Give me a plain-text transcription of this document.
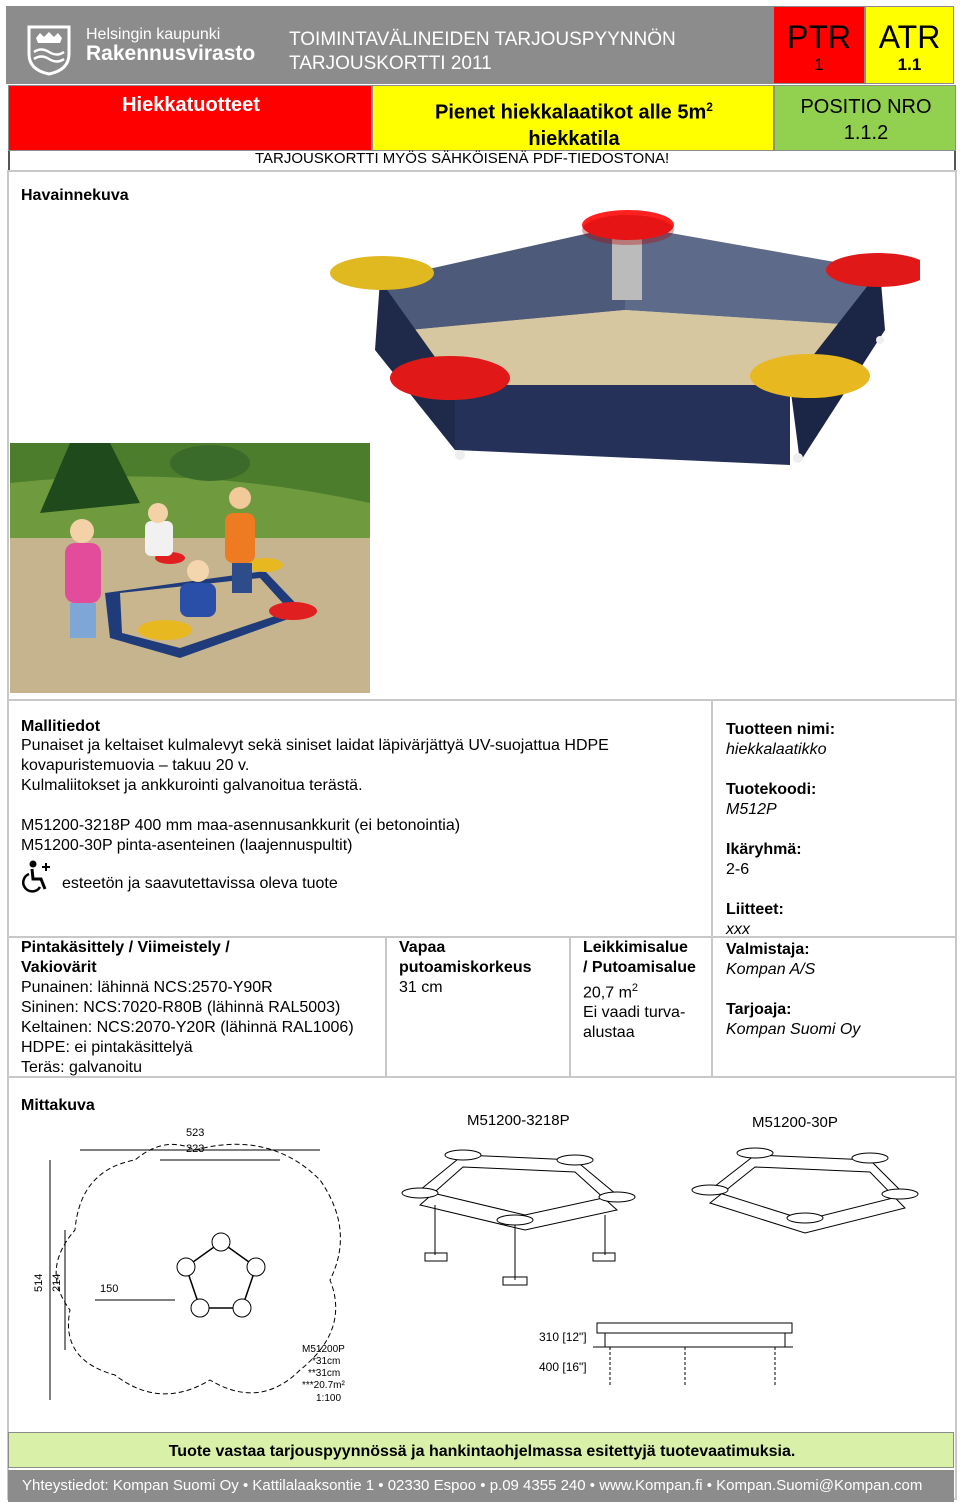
Helsingin kaupunki
Rakennusvirasto
TOIMINTAVÄLINEIDEN TARJOUSPYYNNÖN
TARJOUSKORTTI 2011
PTR
1
ATR
1.1
Hiekkatuotteet	Pienet hiekkalaatikot alle $5m^2$
hiekkatila
POSITIO NRO
1.1.2
TARJOUSKORTTI MYÖS SÄHKÖISENÄ PDF-TIEDOSTONA!
Havainnekuva
Mallitiedot
Punaiset ja keltaiset kulmalevyt sekä siniset laidat läpivärjättyä UV-suojattua HDPE
kovapuristemuovia – takuu 20 v.
Kulmaliitokset ja ankkurointi galvanoitua terästä.
M51200-3218P 400 mm maa-asennusankkurit (ei betonointia)
M51200-30P pinta-asenteinen (laajennuspultit)
esteetön ja saavutettavissa oleva tuote
Tuotteen nimi:
hiekkalaatikko
Tuotekoodi:
M512P
Ikäryhmä:
2-6
Liitteet:
xxx
Valmistaja:
Kompan A/S
Tarjoaja:
Kompan Suomi Oy
Pintakäsittely / Viimeistely /
Vakiovärit
Punainen: lähinnä NCS:2570-Y90R
Sininen: NCS:7020-R80B (lähinnä RAL5003)
Keltainen: NCS:2070-Y20R (lähinnä RAL1006)
HDPE: ei pintakäsittelyä
Teräs: galvanoitu
Vapaa
putoamiskorkeus
31 cm
Leikkimisalue
/ Putoamisalue
20,7 $m^2$
Ei vaadi turva-
alustaa
Mittakuva
523
223
514 214	150
M51200P
*31cm
**31cm
***20.7m²
1:100
M51200-3218P	M51200-30P
310 [12"]
400 [16"]
Tuote vastaa tarjouspyynnössä ja hankintaohjelmassa esitettyjä tuotevaatimuksia.
Yhteystiedot: Kompan Suomi Oy • Kattilalaaksontie 1 • 02330 Espoo • p.09 4355 240 • www.Kompan.fi • Kompan.Suomi@Kompan.com
